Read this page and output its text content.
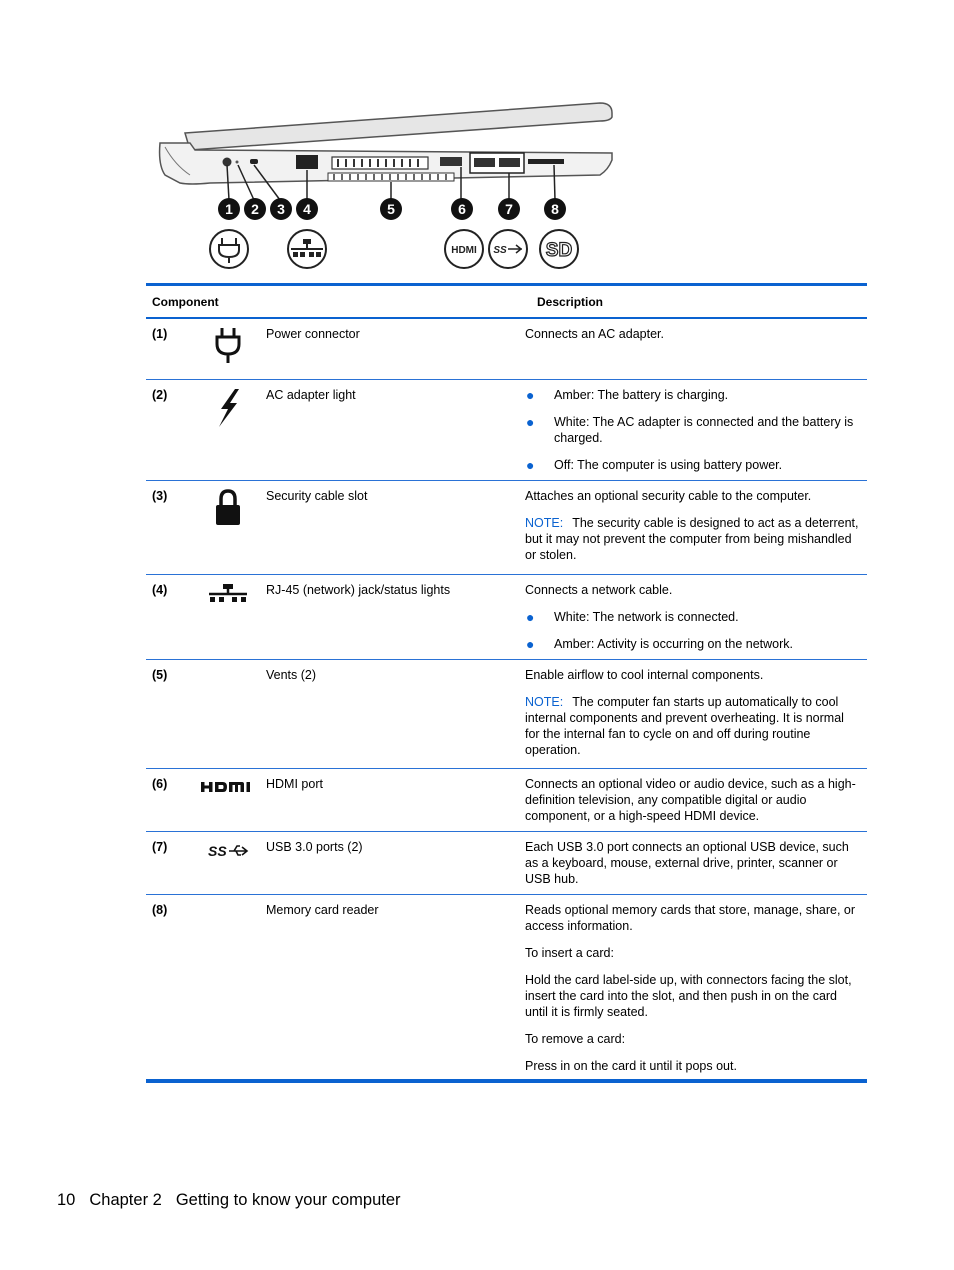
1 2 3 4	5	6	7	8
HDMI SS SD
Component	Description
(1)	Power connector	Connects an AC adapter.

(2)	AC adapter light	●	Amber: The battery is charging.
●	White: The AC adapter is connected and the battery is charged.
●	Off: The computer is using battery power.
(3)	Security cable slot	Attaches an optional security cable to the computer.

NOTE: The security cable is designed to act as a deterrent, but it may not prevent the computer from being mishandled or stolen.

(4)	RJ-45 (network) jack/status lights	Connects a network cable.

●	White: The network is connected.
●	Amber: Activity is occurring on the network.
(5)	Vents (2)	Enable airflow to cool internal components.

NOTE: The computer fan starts up automatically to cool internal components and prevent overheating. It is normal for the internal fan to cycle on and off during routine operation.

(6)	HDMI port	Connects an optional video or audio device, such as a high-definition television, any compatible digital or audio component, or a high-speed HDMI device.

(7)	SS	USB 3.0 ports (2)	Each USB 3.0 port connects an optional USB device, such as a keyboard, mouse, external drive, printer, scanner or USB hub.

(8)	Memory card reader	Reads optional memory cards that store, manage, share, or access information.

To insert a card:

Hold the card label-side up, with connectors facing the slot, insert the card into the slot, and then push in on the card until it is firmly seated.

To remove a card:

Press in on the card it until it pops out.

10 Chapter 2 Getting to know your computer
